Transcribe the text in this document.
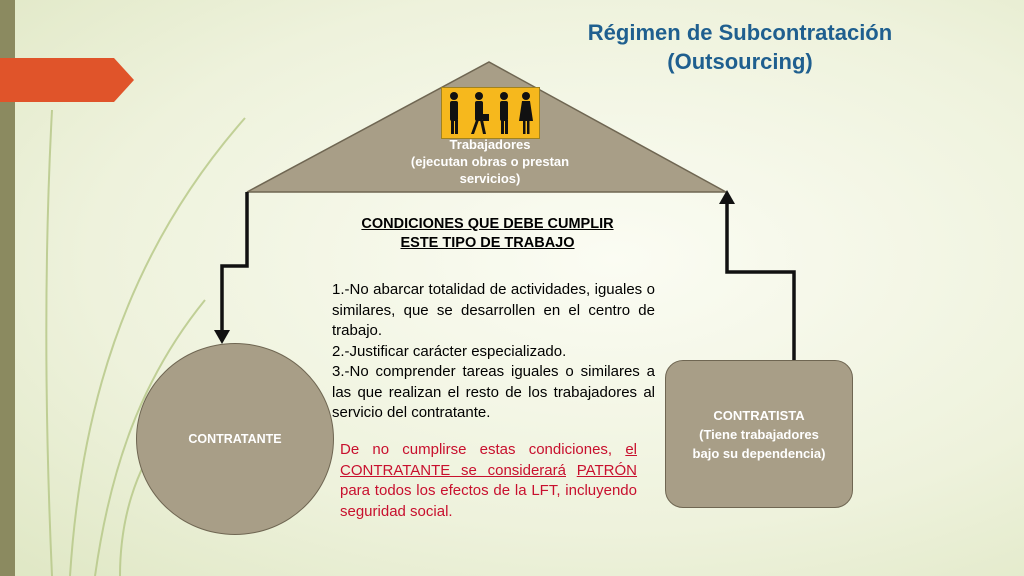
Régimen de Subcontratación
(Outsourcing)
Trabajadores
(ejecutan obras o prestan
servicios)
CONDICIONES QUE DEBE CUMPLIR
ESTE TIPO DE TRABAJO

1.-No abarcar totalidad de actividades, iguales o similares, que se desarrollen en el centro de trabajo.

2.-Justificar carácter especializado.

3.-No comprender tareas iguales o similares a las que realizan el resto de los trabajadores al servicio del contratante.

De no cumplirse estas condiciones, el CONTRATANTE se considerará PATRÓN para todos los efectos de la LFT, incluyendo seguridad social.

CONTRATANTE
CONTRATISTA
(Tiene trabajadores
bajo su dependencia)
